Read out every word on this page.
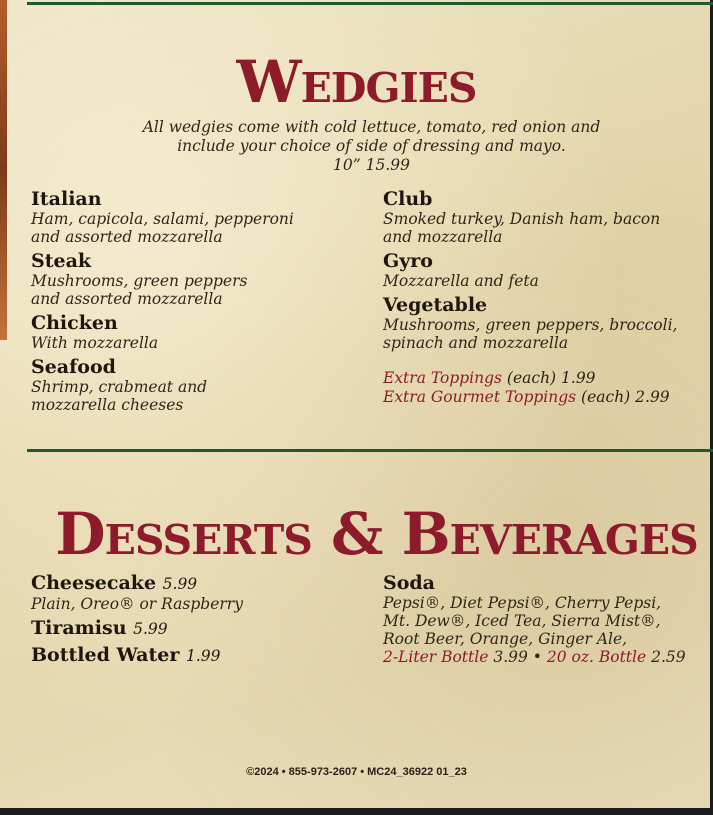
Wedgies
All wedgies come with cold lettuce, tomato, red onion and
include your choice of side of dressing and mayo.
10” 15.99
Italian
Ham, capicola, salami, pepperoni
and assorted mozzarella
Steak
Mushrooms, green peppers
and assorted mozzarella
Chicken
With mozzarella
Seafood
Shrimp, crabmeat and
mozzarella cheeses
Club
Smoked turkey, Danish ham, bacon
and mozzarella
Gyro
Mozzarella and feta
Vegetable
Mushrooms, green peppers, broccoli,
spinach and mozzarella
Extra Toppings (each) 1.99
Extra Gourmet Toppings (each) 2.99
Desserts & Beverages
Cheesecake 5.99
Plain, Oreo® or Raspberry
Tiramisu 5.99
Bottled Water 1.99
Soda
Pepsi®, Diet Pepsi®, Cherry Pepsi,
Mt. Dew®, Iced Tea, Sierra Mist®,
Root Beer, Orange, Ginger Ale,
2-Liter Bottle 3.99 • 20 oz. Bottle 2.59
©2024 • 855-973-2607 • MC24_36922 01_23
